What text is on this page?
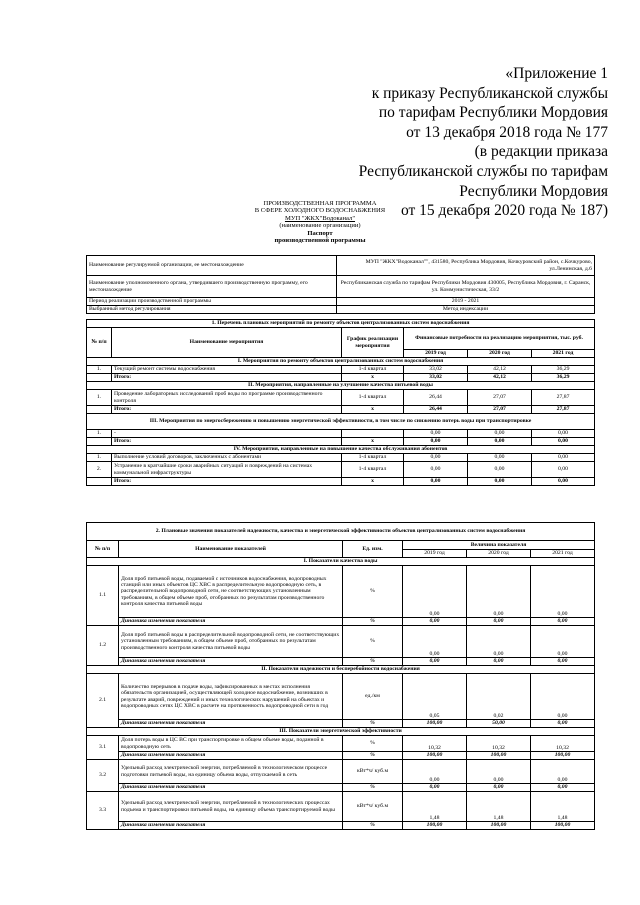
«Приложение 1
к приказу Республиканской службы
по тарифам Республики Мордовия
от 13 декабря 2018 года № 177
(в редакции приказа
Республиканской службы по тарифам
Республики Мордовия
от 15 декабря 2020 года № 187)
ПРОИЗВОДСТВЕННАЯ ПРОГРАММА
В СФЕРЕ ХОЛОДНОГО ВОДОСНАБЖЕНИЯ
МУП "ЖКХ"Водоканал"
(наименование организации)
Паспорт
производственной программы
Наименование регулируемой организации, ее местонахождение	МУП "ЖКХ"Водоканал"", 431580, Республика Мордовия, Кочкуровский район, с.Кочкурово, ул.Ленинская, д.6
Наименование уполномоченного органа, утвердившего производственную программу, его местонахождение	Республиканская служба по тарифам Республики Мордовия 430005, Республика Мордовия, г. Саранск, ул. Коммунистическая, 33/2
Период реализации производственной программы	2019 - 2021
Выбранный метод регулирования	Метод индексации
1. Перечень плановых мероприятий по ремонту объектов централизованных систем водоснабжения					
№ п/п	Наименование мероприятия	График реализации мероприятия	Финансовые потребности на реализацию мероприятия, тыс. руб.		
			2019 год	2020 год	2021 год
I. Мероприятия по ремонту объектов централизованных систем водоснабжения					
1.	Текущий ремонт системы водоснабжения	1-4 квартал	33,02	42,12	36,29
	Итого:	x	33,02	42,12	36,29
II. Мероприятия, направленные на улучшение качества питьевой воды					
1.	Проведение лабораторных исследований проб воды по программе производственного контроля	1-4 квартал	26,44	27,07	27,87
	Итого:	x	26,44	27,07	27,87
III. Мероприятия по энергосбережению и повышению энергетической эффективности, в том числе по снижению потерь воды при транспортировке					
1.	-		0,00	0,00	0,00
	Итого:	x	0,00	0,00	0,00
IV. Мероприятия, направленные на повышение качества обслуживания абонентов					
1.	Выполнение условий договоров, заключенных с абонентами	1-4 квартал	0,00	0,00	0,00
2.	Устранение в кратчайшие сроки аварийных ситуаций и повреждений на системах коммунальной инфраструктуры	1-4 квартал	0,00	0,00	0,00
	Итого:	x	0,00	0,00	0,00
2. Плановые значения показателей надежности, качества и энергетической эффективности объектов централизованных систем водоснабжения					
№ п/п	Наименование показателей	Ед. изм.	Величина показателя		
			2019 год	2020 год	2021 год
I. Показатели качества воды					
1.1	Доля проб питьевой воды, подаваемой с источников водоснабжения, водопроводных станций или иных объектов ЦС ХВС в распределительную водопроводную сеть, в распределительной водопроводной сети, не соответствующих установленным требованиям, в общем объеме проб, отобранных по результатам производственного контроля качества питьевой воды	%	0,00	0,00	0,00
	Динамика изменения показателя	%	0,00	0,00	0,00
1.2	Доля проб питьевой воды в распределительной водопроводной сети, не соответствующих установленным требованиям, в общем объеме проб, отобранных по результатам производственного контроля качества питьевой воды	%	0,00	0,00	0,00
	Динамика изменения показателя	%	0,00	0,00	0,00
II. Показатели надежности и бесперебойности водоснабжения					
2.1	Количество перерывов в подаче воды, зафиксированных в местах исполнения обязательств организацией, осуществляющей холодное водоснабжение, возникших в результате аварий, повреждений и иных технологических нарушений на объектах и водопроводных сетях ЦС ХВС в расчете на протяженность водопроводной сети в год	ед./км	0,05	0,02	0,00
	Динамика изменения показателя	%	100,00	50,00	0,00
III. Показатели энергетической эффективности					
3.1	Доля потерь воды в ЦС ВС при транспортировке в общем объеме воды, поданной в водопроводную сеть	%	10,32	10,32	10,32
	Динамика изменения показателя	%	100,00	100,00	100,00
3.2	Удельный расход электрической энергии, потребляемой в технологическом процессе подготовки питьевой воды, на единицу объема воды, отпускаемой в сеть	кВт*ч/ куб.м	0,00	0,00	0,00
	Динамика изменения показателя	%	0,00	0,00	0,00
3.3	Удельный расход электрической энергии, потребляемой в технологических процессах подъема и транспортировки питьевой воды, на единицу объема транспортируемой воды	кВт*ч/ куб.м	1,48	1,48	1,48
	Динамика изменения показателя	%	100,00	100,00	100,00
